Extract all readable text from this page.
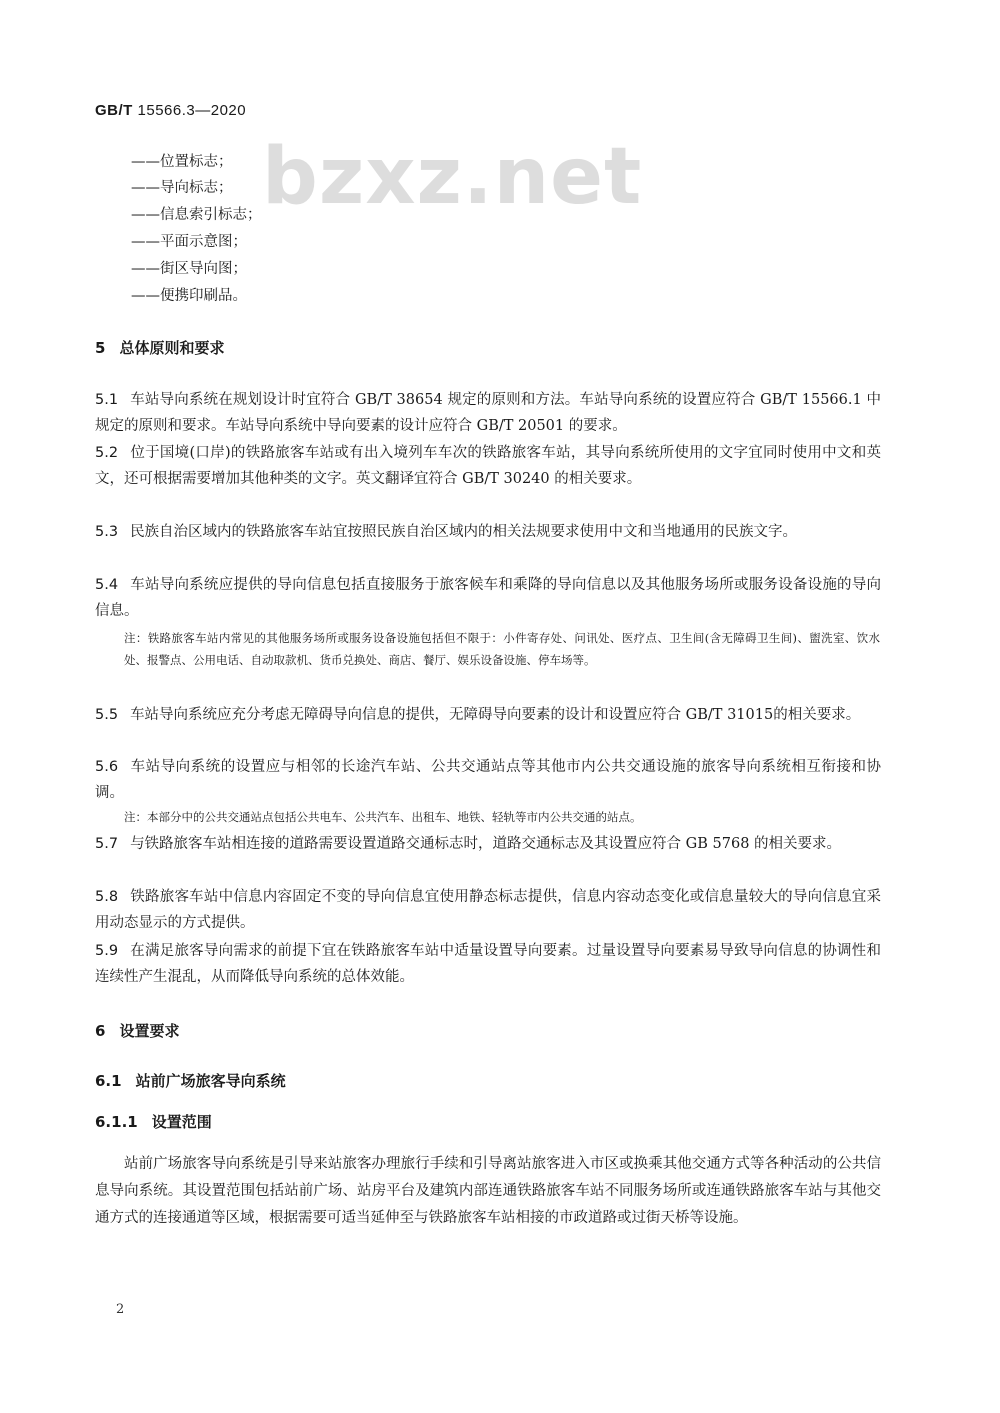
GB/T 15566.3—2020
bzxz.net
——位置标志；
——导向标志；
——信息索引标志；
——平面示意图；
——街区导向图；
——便携印刷品。
5 总体原则和要求
5.1 车站导向系统在规划设计时宜符合 GB/T 38654 规定的原则和方法。车站导向系统的设置应符合 GB/T 15566.1 中规定的原则和要求。车站导向系统中导向要素的设计应符合 GB/T 20501 的要求。
5.2 位于国境(口岸)的铁路旅客车站或有出入境列车车次的铁路旅客车站，其导向系统所使用的文字宜同时使用中文和英文，还可根据需要增加其他种类的文字。英文翻译宜符合 GB/T 30240 的相关要求。
5.3 民族自治区域内的铁路旅客车站宜按照民族自治区域内的相关法规要求使用中文和当地通用的民族文字。
5.4 车站导向系统应提供的导向信息包括直接服务于旅客候车和乘降的导向信息以及其他服务场所或服务设备设施的导向信息。
注：铁路旅客车站内常见的其他服务场所或服务设备设施包括但不限于：小件寄存处、问讯处、医疗点、卫生间(含无障碍卫生间)、盥洗室、饮水处、报警点、公用电话、自动取款机、货币兑换处、商店、餐厅、娱乐设备设施、停车场等。
5.5 车站导向系统应充分考虑无障碍导向信息的提供，无障碍导向要素的设计和设置应符合 GB/T 31015的相关要求。
5.6 车站导向系统的设置应与相邻的长途汽车站、公共交通站点等其他市内公共交通设施的旅客导向系统相互衔接和协调。
注：本部分中的公共交通站点包括公共电车、公共汽车、出租车、地铁、轻轨等市内公共交通的站点。
5.7 与铁路旅客车站相连接的道路需要设置道路交通标志时，道路交通标志及其设置应符合 GB 5768 的相关要求。
5.8 铁路旅客车站中信息内容固定不变的导向信息宜使用静态标志提供，信息内容动态变化或信息量较大的导向信息宜采用动态显示的方式提供。
5.9 在满足旅客导向需求的前提下宜在铁路旅客车站中适量设置导向要素。过量设置导向要素易导致导向信息的协调性和连续性产生混乱，从而降低导向系统的总体效能。
6 设置要求
6.1 站前广场旅客导向系统
6.1.1 设置范围
站前广场旅客导向系统是引导来站旅客办理旅行手续和引导离站旅客进入市区或换乘其他交通方式等各种活动的公共信息导向系统。其设置范围包括站前广场、站房平台及建筑内部连通铁路旅客车站不同服务场所或连通铁路旅客车站与其他交通方式的连接通道等区域，根据需要可适当延伸至与铁路旅客车站相接的市政道路或过街天桥等设施。
2
